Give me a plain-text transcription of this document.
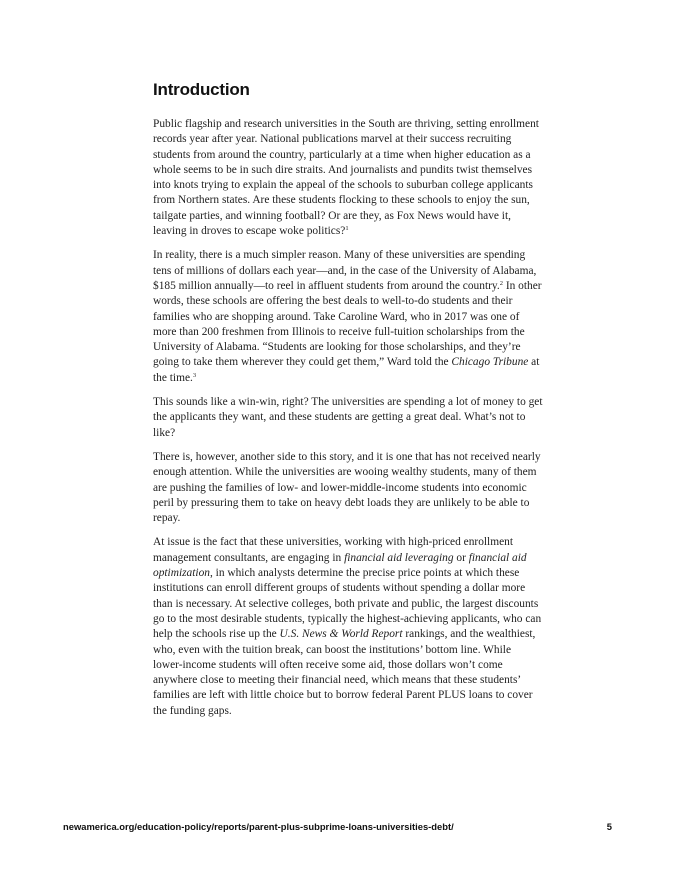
Introduction

Public flagship and research universities in the South are thriving, setting enrollment records year after year. National publications marvel at their success recruiting students from around the country, particularly at a time when higher education as a whole seems to be in such dire straits. And journalists and pundits twist themselves into knots trying to explain the appeal of the schools to suburban college applicants from Northern states. Are these students flocking to these schools to enjoy the sun, tailgate parties, and winning football? Or are they, as Fox News would have it, leaving in droves to escape woke politics?$^1$

In reality, there is a much simpler reason. Many of these universities are spending tens of millions of dollars each year—and, in the case of the University of Alabama, $185 million annually—to reel in affluent students from around the country.$^2$ In other words, these schools are offering the best deals to well-to-do students and their families who are shopping around. Take Caroline Ward, who in 2017 was one of more than 200 freshmen from Illinois to receive full-tuition scholarships from the University of Alabama. “Students are looking for those scholarships, and they’re going to take them wherever they could get them,” Ward told the Chicago Tribune at the time.$^3$

This sounds like a win-win, right? The universities are spending a lot of money to get the applicants they want, and these students are getting a great deal. What’s not to like?

There is, however, another side to this story, and it is one that has not received nearly enough attention. While the universities are wooing wealthy students, many of them are pushing the families of low- and lower-middle-income students into economic peril by pressuring them to take on heavy debt loads they are unlikely to be able to repay.

At issue is the fact that these universities, working with high-priced enrollment management consultants, are engaging in financial aid leveraging or financial aid optimization, in which analysts determine the precise price points at which these institutions can enroll different groups of students without spending a dollar more than is necessary. At selective colleges, both private and public, the largest discounts go to the most desirable students, typically the highest-achieving applicants, who can help the schools rise up the U.S. News & World Report rankings, and the wealthiest, who, even with the tuition break, can boost the institutions’ bottom line. While lower-income students will often receive some aid, those dollars won’t come anywhere close to meeting their financial need, which means that these students’ families are left with little choice but to borrow federal Parent PLUS loans to cover the funding gaps.

newamerica.org/education-policy/reports/parent-plus-subprime-loans-universities-debt/	5
